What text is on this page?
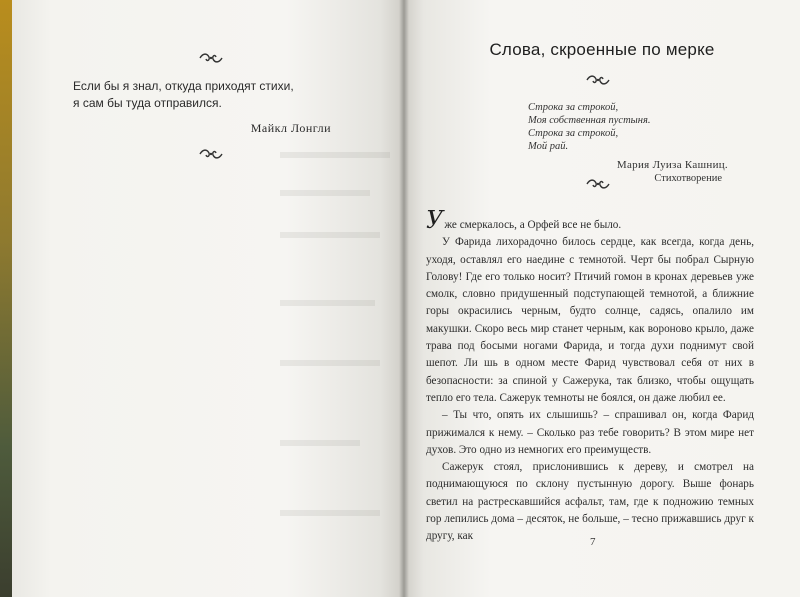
Если бы я знал, откуда приходят стихи,
я сам бы туда отправился.
Майкл Лонгли
Слова, скроенные по мерке
Строка за строкой,
Моя собственная пустыня.
Строка за строкой,
Мой рай.
Мария Луиза Кашниц.
Стихотворение

Уже смеркалось, а Орфей все не было.

У Фарида лихорадочно билось сердце, как всегда, когда день, уходя, оставлял его наедине с темнотой. Черт бы побрал Сырную Голову! Где его только носит? Птичий гомон в кронах деревьев уже смолк, словно придушенный подступающей темнотой, а ближние горы окрасились черным, будто солнце, садясь, опалило им макушки. Скоро весь мир станет черным, как вороново крыло, даже трава под босыми ногами Фарида, и тогда духи поднимут свой шепот. Ли шь в одном месте Фарид чувствовал себя от них в безопасности: за спиной у Сажерука, так близко, чтобы ощущать тепло его тела. Сажерук темноты не боялся, он даже любил ее.

– Ты что, опять их слышишь? – спрашивал он, когда Фарид прижимался к нему. – Сколько раз тебе говорить? В этом мире нет духов. Это одно из немногих его преимуществ.

Сажерук стоял, прислонившись к дереву, и смотрел на поднимающуюся по склону пустынную дорогу. Выше фонарь светил на растрескавшийся асфальт, там, где к подножию темных гор лепились дома – десяток, не больше, – тесно прижавшись друг к другу, как	7
